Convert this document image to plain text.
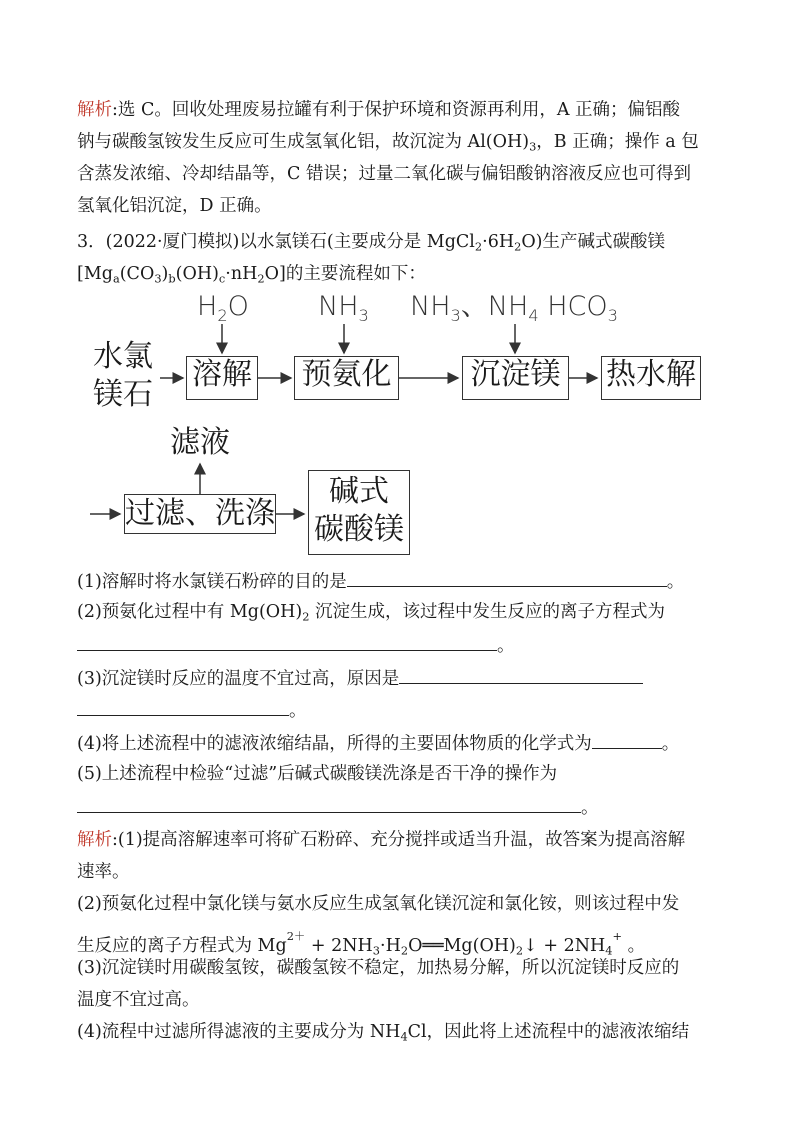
解析:选 C。回收处理废易拉罐有利于保护环境和资源再利用，A 正确；偏铝酸
钠与碳酸氢铵发生反应可生成氢氧化铝，故沉淀为 $Al(OH)_3$，B 正确；操作 a 包
含蒸发浓缩、冷却结晶等，C 错误；过量二氧化碳与偏铝酸钠溶液反应也可得到
氢氧化铝沉淀，D 正确。
3．(2022·厦门模拟)以水氯镁石(主要成分是 $MgCl_2\cdot 6H_2O$)生产碱式碳酸镁
$[Mg_a(CO_3)_b(OH)_c\cdot nH_2O]$的主要流程如下：
水氯
镁石
$H_2O$	$NH_3$ $NH_3$、$NH_4$ $HCO_3$
溶解 预氨化	沉淀镁 热水解
滤液
过滤、洗涤
碱式
碳酸镁
(1)溶解时将水氯镁石粉碎的目的是	。
(2)预氨化过程中有 $Mg(OH)_2$ 沉淀生成，该过程中发生反应的离子方程式为
。
(3)沉淀镁时反应的温度不宜过高，原因是
。
(4)将上述流程中的滤液浓缩结晶，所得的主要固体物质的化学式为	。
(5)上述流程中检验“过滤”后碱式碳酸镁洗涤是否干净的操作为
。
解析:(1)提高溶解速率可将矿石粉碎、充分搅拌或适当升温，故答案为提高溶解
速率。
(2)预氨化过程中氯化镁与氨水反应生成氢氧化镁沉淀和氯化铵，则该过程中发
生反应的离子方程式为 $Mg^{2+}$ + $2NH_3\cdot H_2O══Mg(OH)_2↓ + 2NH_4^+$ 。
(3)沉淀镁时用碳酸氢铵，碳酸氢铵不稳定，加热易分解，所以沉淀镁时反应的
温度不宜过高。
(4)流程中过滤所得滤液的主要成分为 $NH_4Cl$，因此将上述流程中的滤液浓缩结
